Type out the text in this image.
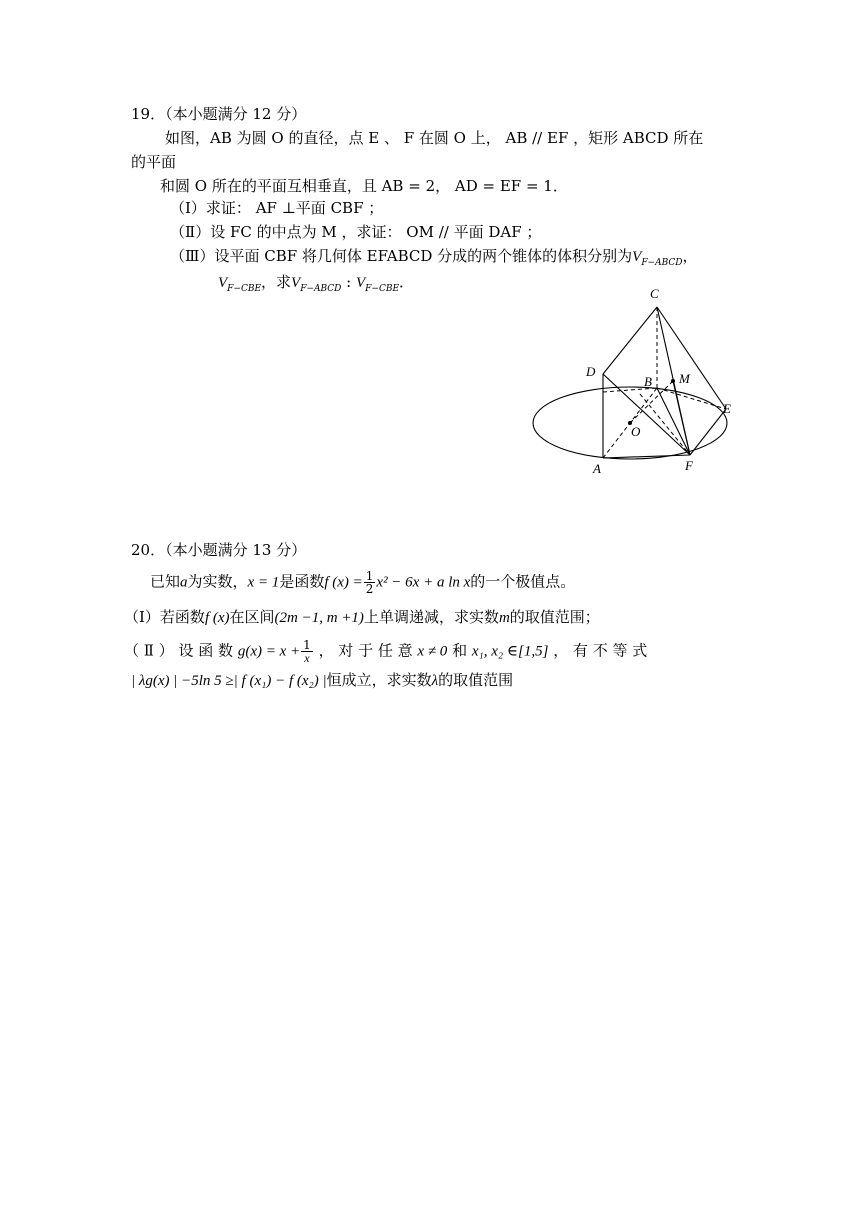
19．（本小题满分 12 分）
如图，AB 为圆 O 的直径，点 E 、 F 在圆 O 上， AB // EF ，矩形 ABCD 所在
的平面
和圆 O 所在的平面互相垂直，且 AB = 2， AD = EF = 1．
（Ⅰ）求证： AF ⊥平面 CBF ；
（Ⅱ）设 FC 的中点为 M ，求证： OM // 平面 DAF ；
（Ⅲ）设平面 CBF 将几何体 EFABCD 分成的两个锥体的体积分别为$V_{F-ABCD}$，
$V_{F-CBE}$，求$V_{F-ABCD}$ : $V_{F-CBE}$．
C
D
B M
E
O
A	F
20．（本小题满分 13 分）
已知a为实数，x = 1是函数f $(x) = \frac{1}{2} x^2 - 6x + a$ ln x的一个极值点。
（Ⅰ）若函数f (x)在区间(2m −1, m +1)上单调递减，求实数m的取值范围；
（ Ⅱ ） 设 函 数 $g(x) = x + \frac{1}{x}$ ， 对 于 任 意 x ≠ 0 和 x₁, x₂ ∈[1,5] ， 有 不 等 式
| λg(x) | −5ln 5 ≥| f (x₁) − f (x₂) |恒成立，求实数λ的取值范围
